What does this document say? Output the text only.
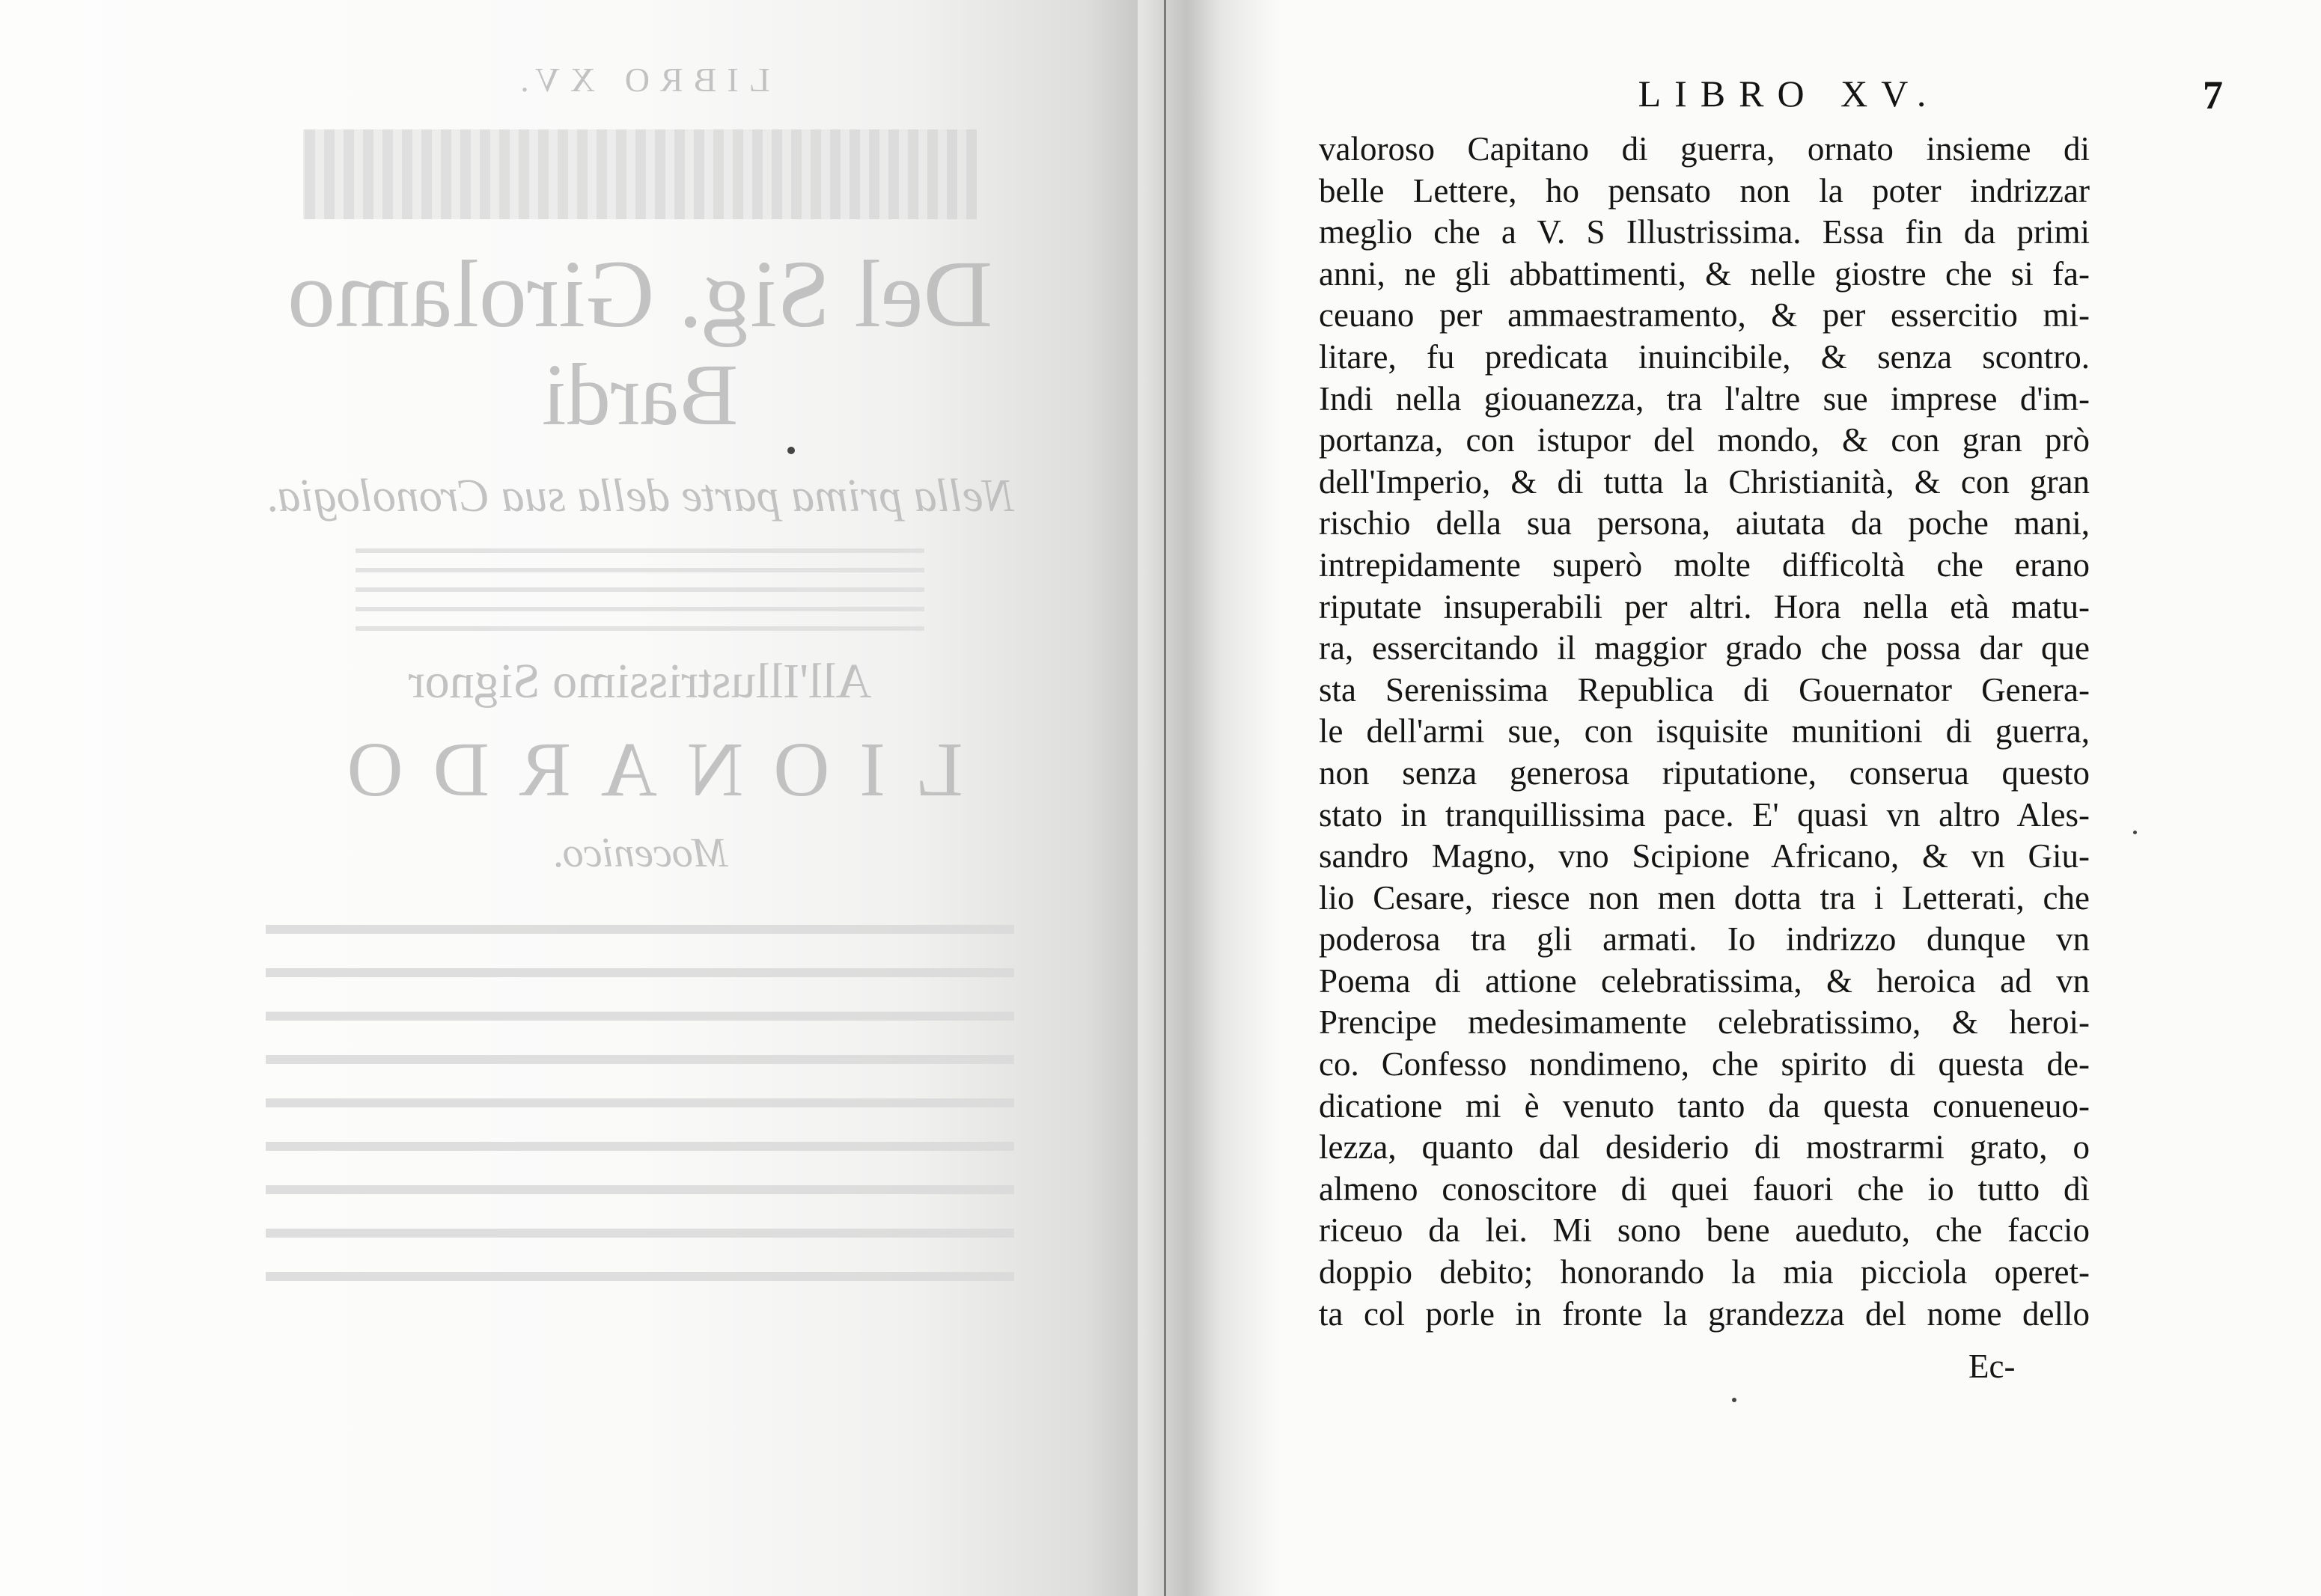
LIBRO XV.
Del Sig. Girolamo
Bardi
Nella prima parte della sua Cronologia.
All'Illustrissimo Signor
LIONARDO
Mocenico.
LIBRO XV.	7
valoroso Capitano di guerra, ornato insieme di
belle Lettere, ho pensato non la poter indrizzar
meglio che a V. S Illustrissima. Essa fin da primi
anni, ne gli abbattimenti, & nelle giostre che si fa-
ceuano per ammaestramento, & per essercitio mi-
litare, fu predicata inuincibile, & senza scontro.
Indi nella giouanezza, tra l'altre sue imprese d'im-
portanza, con istupor del mondo, & con gran prò
dell'Imperio, & di tutta la Christianità, & con gran
rischio della sua persona, aiutata da poche mani,
intrepidamente superò molte difficoltà che erano
riputate insuperabili per altri. Hora nella età matu-
ra, essercitando il maggior grado che possa dar que
sta Serenissima Republica di Gouernator Genera-
le dell'armi sue, con isquisite munitioni di guerra,
non senza generosa riputatione, conserua questo
stato in tranquillissima pace. E' quasi vn altro Ales-
sandro Magno, vno Scipione Africano, & vn Giu-
lio Cesare, riesce non men dotta tra i Letterati, che
poderosa tra gli armati. Io indrizzo dunque vn
Poema di attione celebratissima, & heroica ad vn
Prencipe medesimamente celebratissimo, & heroi-
co. Confesso nondimeno, che spirito di questa de-
dicatione mi è venuto tanto da questa conueneuo-
lezza, quanto dal desiderio di mostrarmi grato, o
almeno conoscitore di quei fauori che io tutto dì
riceuo da lei. Mi sono bene aueduto, che faccio
doppio debito; honorando la mia picciola operet-
ta col porle in fronte la grandezza del nome dello
Ec-
